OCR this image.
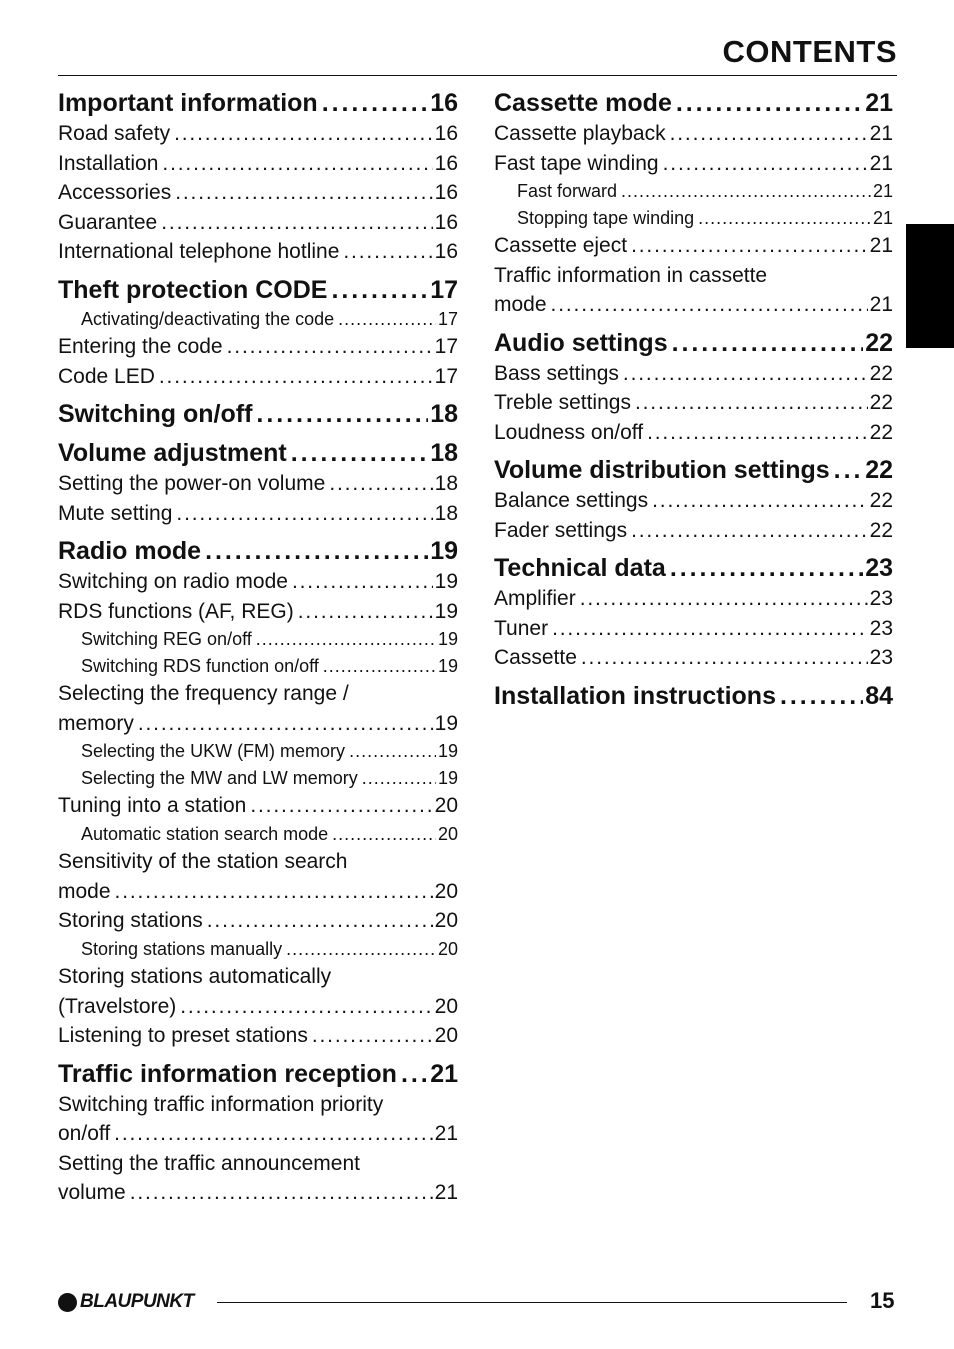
CONTENTS
Important information . . .	16
Road safety . . .	16
Installation . . .	16
Accessories . . .	16
Guarantee . . .	16
International telephone hotline . . .	16
Theft protection CODE . . .	17
Activating/deactivating the code . . .	17
Entering the code . . .	17
Code LED . . .	17
Switching on/off . . .	18
Volume adjustment . . .	18
Setting the power-on volume . . .	18
Mute setting . . .	18
Radio mode . . .	19
Switching on radio mode . . .	19
RDS functions (AF, REG) . . .	19
Switching REG on/off . . .	19
Switching RDS function on/off . . .	19
Selecting the frequency range /
memory . . .	19
Selecting the UKW (FM) memory . . .	19
Selecting the MW and LW memory . . .	19
Tuning into a station . . .	20
Automatic station search mode . . .	20
Sensitivity of the station search
mode . . .	20
Storing stations . . .	20
Storing stations manually . . .	20
Storing stations automatically
(Travelstore) . . .	20
Listening to preset stations . . .	20
Traffic information reception . . . 21
Switching traffic information priority
on/off . . .	21
Setting the traffic announcement
volume . . .	21
Cassette mode . . .	21
Cassette playback . . .	21
Fast tape winding . . .	21
Fast forward . . .	21
Stopping tape winding . . .	21
Cassette eject . . .	21
Traffic information in cassette
mode . . .	21
Audio settings . . .	22
Bass settings . . .	22
Treble settings . . .	22
Loudness on/off . . .	22
Volume distribution settings . . . 22
Balance settings . . .	22
Fader settings . . .	22
Technical data . . .	23
Amplifier . . .	23
Tuner . . .	23
Cassette . . .	23
Installation instructions . . .	84
BLAUPUNKT	15
